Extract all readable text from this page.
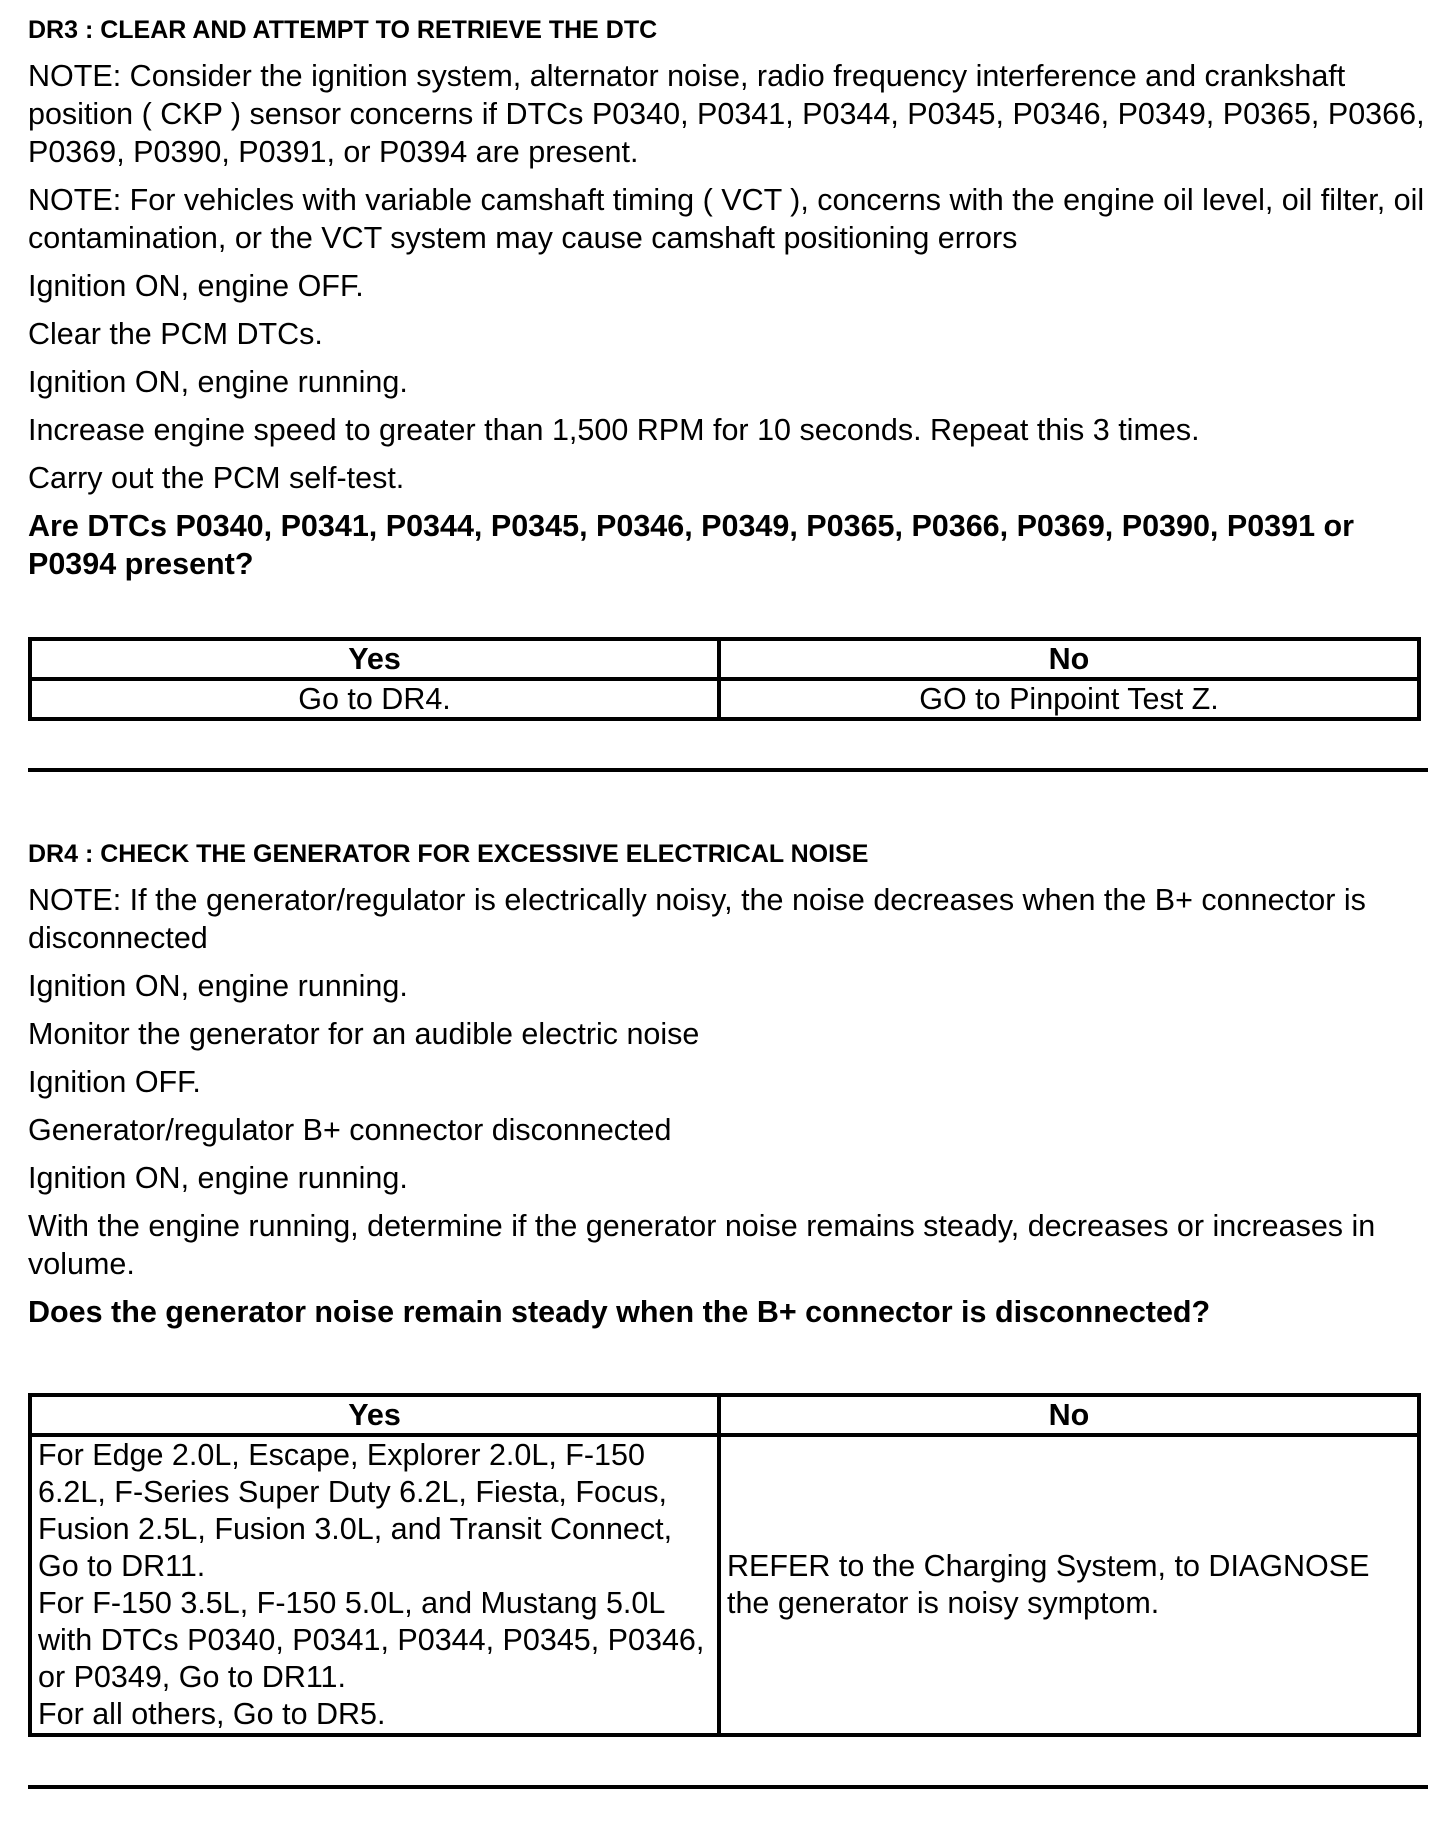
DR3 : CLEAR AND ATTEMPT TO RETRIEVE THE DTC

NOTE: Consider the ignition system, alternator noise, radio frequency interference and crankshaft position ( CKP ) sensor concerns if DTCs P0340, P0341, P0344, P0345, P0346, P0349, P0365, P0366, P0369, P0390, P0391, or P0394 are present.

NOTE: For vehicles with variable camshaft timing ( VCT ), concerns with the engine oil level, oil filter, oil contamination, or the VCT system may cause camshaft positioning errors

Ignition ON, engine OFF.

Clear the PCM DTCs.

Ignition ON, engine running.

Increase engine speed to greater than 1,500 RPM for 10 seconds. Repeat this 3 times.

Carry out the PCM self-test.

Are DTCs P0340, P0341, P0344, P0345, P0346, P0349, P0365, P0366, P0369, P0390, P0391 or P0394 present?

Yes	No
Go to DR4.	GO to Pinpoint Test Z.
DR4 : CHECK THE GENERATOR FOR EXCESSIVE ELECTRICAL NOISE

NOTE: If the generator/regulator is electrically noisy, the noise decreases when the B+ connector is disconnected

Ignition ON, engine running.

Monitor the generator for an audible electric noise

Ignition OFF.

Generator/regulator B+ connector disconnected

Ignition ON, engine running.

With the engine running, determine if the generator noise remains steady, decreases or increases in volume.

Does the generator noise remain steady when the B+ connector is disconnected?

Yes	No

For Edge 2.0L, Escape, Explorer 2.0L, F-150 6.2L, F-Series Super Duty 6.2L, Fiesta, Focus, Fusion 2.5L, Fusion 3.0L, and Transit Connect, Go to DR11.
For F-150 3.5L, F-150 5.0L, and Mustang 5.0L with DTCs P0340, P0341, P0344, P0345, P0346, or P0349, Go to DR11.
For all others, Go to DR5.	REFER to the Charging System, to DIAGNOSE the generator is noisy symptom.
